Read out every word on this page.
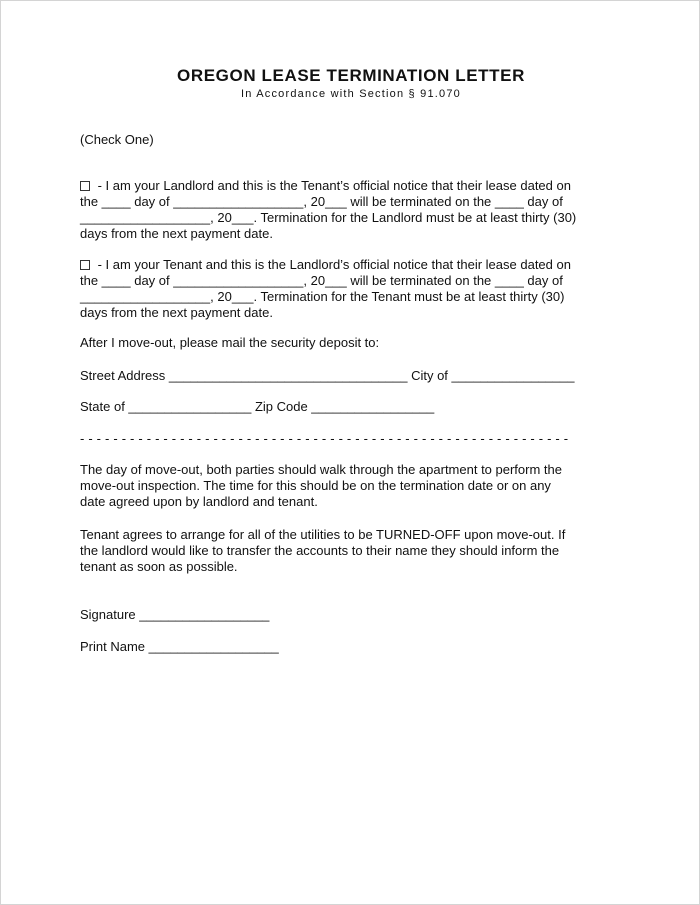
OREGON LEASE TERMINATION LETTER
In Accordance with Section § 91.070

(Check One)

- I am your Landlord and this is the Tenant’s official notice that their lease dated on
the ____ day of __________________, 20___ will be terminated on the ____ day of
__________________, 20___. Termination for the Landlord must be at least thirty (30)
days from the next payment date.

- I am your Tenant and this is the Landlord’s official notice that their lease dated on
the ____ day of __________________, 20___ will be terminated on the ____ day of
__________________, 20___. Termination for the Tenant must be at least thirty (30)
days from the next payment date.

After I move-out, please mail the security deposit to:

Street Address _________________________________ City of _________________

State of _________________ Zip Code _________________

- - - - - - - - - - - - - - - - - - - - - - - - - - - - - - - - - - - - - - - - - - - - - - - - - - - - - - - - - - -

The day of move-out, both parties should walk through the apartment to perform the
move-out inspection. The time for this should be on the termination date or on any
date agreed upon by landlord and tenant.

Tenant agrees to arrange for all of the utilities to be TURNED-OFF upon move-out. If
the landlord would like to transfer the accounts to their name they should inform the
tenant as soon as possible.

Signature __________________

Print Name __________________
